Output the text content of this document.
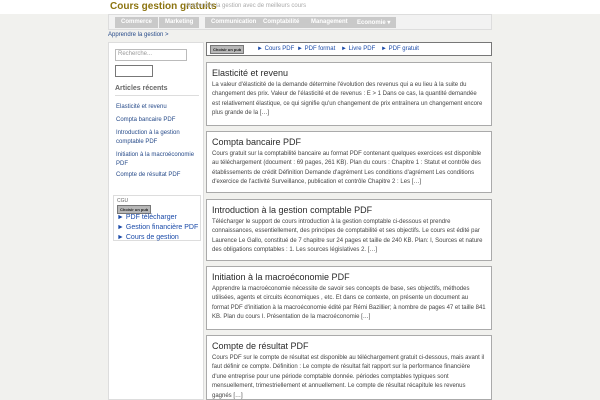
Cours gestion gratuits
Apprendre la gestion avec de meilleurs cours
Commerce	Marketing	Communication	Comptabilité	Management	Economie ▾
Apprendre la gestion >
Recherche...
Articles récents
Elasticité et revenu
Compta bancaire PDF
Introduction à la gestion comptable PDF
Initiation à la macroéconomie PDF
Compte de résultat PDF
CGU
Choisir un pub
► PDF télécharger
► Gestion financière PDF
► Cours de gestion
Choisir un pub	► Cours PDF ► PDF format ► Livre PDF ► PDF gratuit
Elasticité et revenu
La valeur d'élasticité de la demande détermine l'évolution des revenus qui a eu lieu à la suite du changement des prix. Valeur de l'élasticité et de revenus : E > 1 Dans ce cas, la quantité demandée est relativement élastique, ce qui signifie qu'un changement de prix entraînera un changement encore plus grande de la […]
Compta bancaire PDF
Cours gratuit sur la comptabilité bancaire au format PDF contenant quelques exercices est disponible au téléchargement (document : 69 pages, 261 KB). Plan du cours : Chapitre 1 : Statut et contrôle des établissements de crédit Définition Demande d'agrément Les conditions d'agrément Les conditions d'exercice de l'activité Surveillance, publication et contrôle Chapitre 2 : Les […]
Introduction à la gestion comptable PDF
Télécharger le support de cours introduction à la gestion comptable ci-dessous et prendre connaissances, essentiellement, des principes de comptabilité et ses objectifs. Le cours est édité par Laurence Le Gallo, constitué de 7 chapitre sur 24 pages et taille de 240 KB. Plan: I, Sources et nature des obligations comptables : 1. Les sources législatives 2. […]
Initiation à la macroéconomie PDF
Apprendre la macroéconomie nécessite de savoir ses concepts de base, ses objectifs, méthodes utilisées, agents et circuits économiques , etc. Et dans ce contexte, on présente un document au format PDF d'initiation à la macroéconomie édité par Rémi Bazillier; à nombre de pages 47 et taille 841 KB. Plan du cours I. Présentation de la macroéconomie […]
Compte de résultat PDF
Cours PDF sur le compte de résultat est disponible au téléchargement gratuit ci-dessous, mais avant il faut définir ce compte. Définition : Le compte de résultat fait rapport sur la performance financière d'une entreprise pour une période comptable donnée. périodes comptables typiques sont mensuellement, trimestriellement et annuellement. Le compte de résultat récapitule les revenus gagnés […]
